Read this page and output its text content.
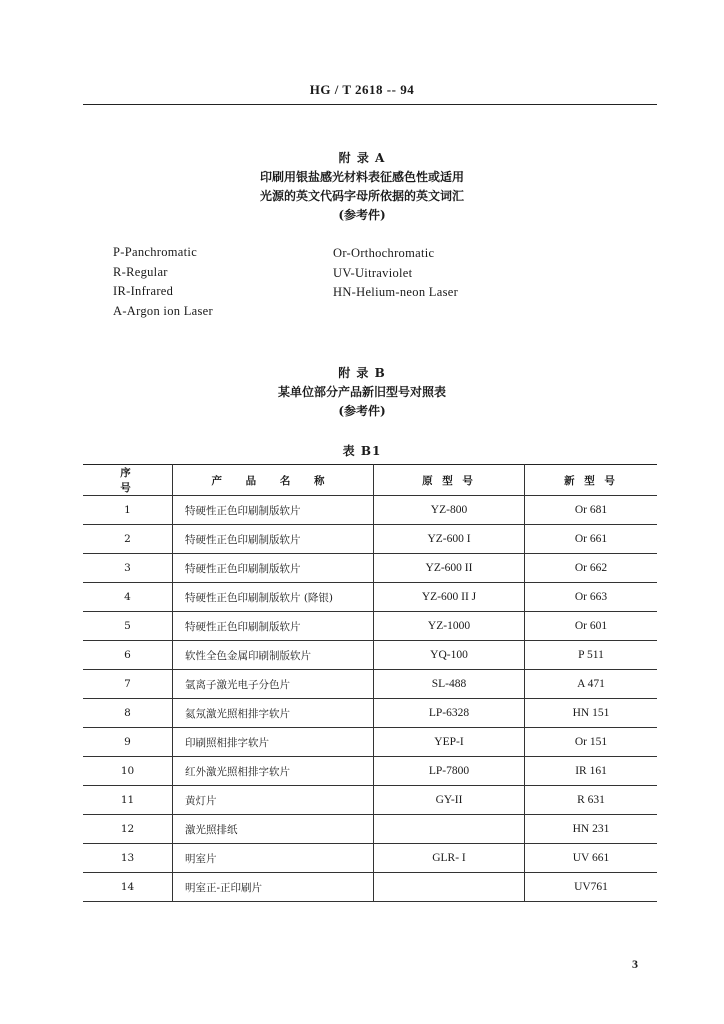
HG / T 2618 -- 94
附 录 A
印刷用银盐感光材料表征感色性或适用
光源的英文代码字母所依据的英文词汇
(参考件)
P-Panchromatic
R-Regular
IR-Infrared
A-Argon ion Laser
Or-Orthochromatic
UV-Uitraviolet
HN-Helium-neon Laser
附 录 B
某单位部分产品新旧型号对照表
(参考件)
表 B1
序 号	产 品 名 称	原 型 号	新 型 号
1	特硬性正色印刷制版软片	YZ-800	Or 681
2	特硬性正色印刷制版软片	YZ-600 I	Or 661
3	特硬性正色印刷制版软片	YZ-600 II	Or 662
4	特硬性正色印刷制版软片 (降银)	YZ-600 II J	Or 663
5	特硬性正色印刷制版软片	YZ-1000	Or 601
6	软性全色金属印刷制版软片	YQ-100	P 511
7	氩离子激光电子分色片	SL-488	A 471
8	氦氖激光照相排字软片	LP-6328	HN 151
9	印刷照相排字软片	YEP-I	Or 151
10	红外激光照相排字软片	LP-7800	IR 161
11	黄灯片	GY-II	R 631
12	激光照排纸		HN 231
13	明室片	GLR- I	UV 661
14	明室正-正印刷片		UV761
3
